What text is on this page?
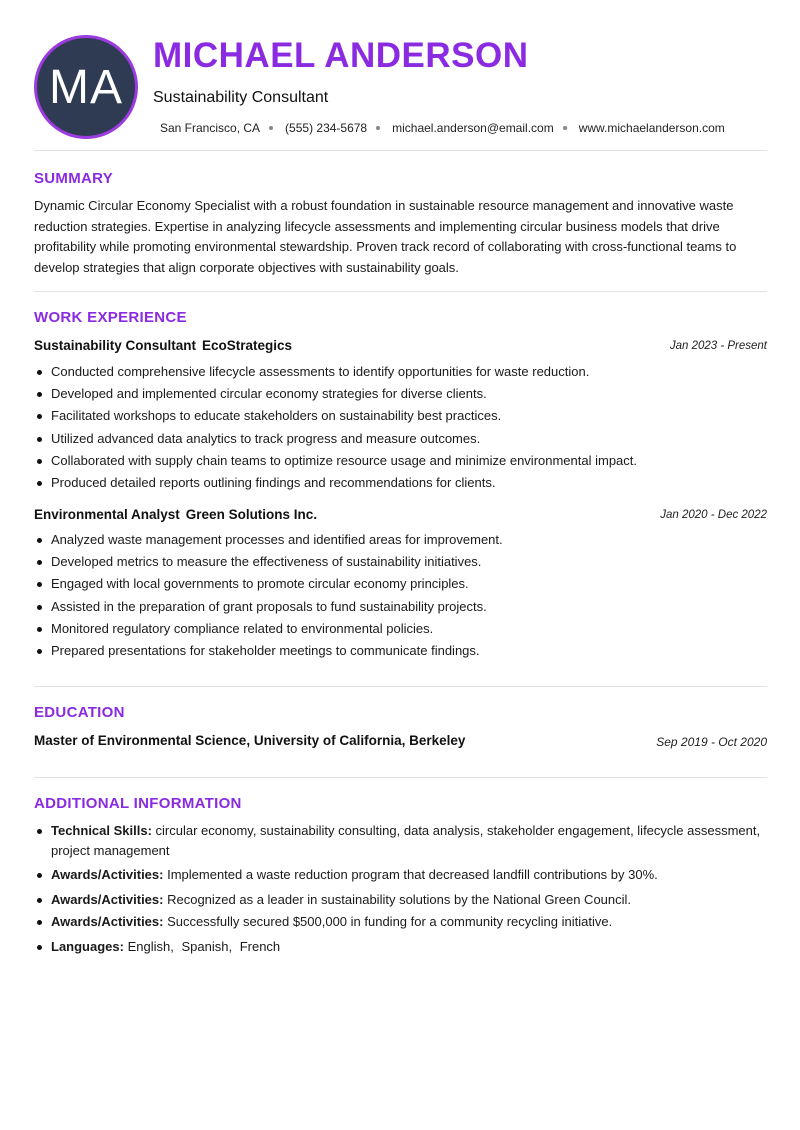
MA
MICHAEL ANDERSON
Sustainability Consultant
San Francisco, CA (555) 234-5678 michael.anderson@email.com www.michaelanderson.com
SUMMARY

Dynamic Circular Economy Specialist with a robust foundation in sustainable resource management and innovative waste reduction strategies. Expertise in analyzing lifecycle assessments and implementing circular business models that drive profitability while promoting environmental stewardship. Proven track record of collaborating with cross-functional teams to develop strategies that align corporate objectives with sustainability goals.

WORK EXPERIENCE
Sustainability Consultant EcoStrategics	Jan 2023 - Present
Conducted comprehensive lifecycle assessments to identify opportunities for waste reduction.
Developed and implemented circular economy strategies for diverse clients.
Facilitated workshops to educate stakeholders on sustainability best practices.
Utilized advanced data analytics to track progress and measure outcomes.
Collaborated with supply chain teams to optimize resource usage and minimize environmental impact.
Produced detailed reports outlining findings and recommendations for clients.
Environmental Analyst Green Solutions Inc.	Jan 2020 - Dec 2022
Analyzed waste management processes and identified areas for improvement.
Developed metrics to measure the effectiveness of sustainability initiatives.
Engaged with local governments to promote circular economy principles.
Assisted in the preparation of grant proposals to fund sustainability projects.
Monitored regulatory compliance related to environmental policies.
Prepared presentations for stakeholder meetings to communicate findings.
EDUCATION
Master of Environmental Science, University of California, Berkeley	Sep 2019 - Oct 2020
ADDITIONAL INFORMATION
Technical Skills: circular economy, sustainability consulting, data analysis, stakeholder engagement, lifecycle assessment, project management
Awards/Activities: Implemented a waste reduction program that decreased landfill contributions by 30%.
Awards/Activities: Recognized as a leader in sustainability solutions by the National Green Council.
Awards/Activities: Successfully secured $500,000 in funding for a community recycling initiative.
Languages: English, Spanish, French
